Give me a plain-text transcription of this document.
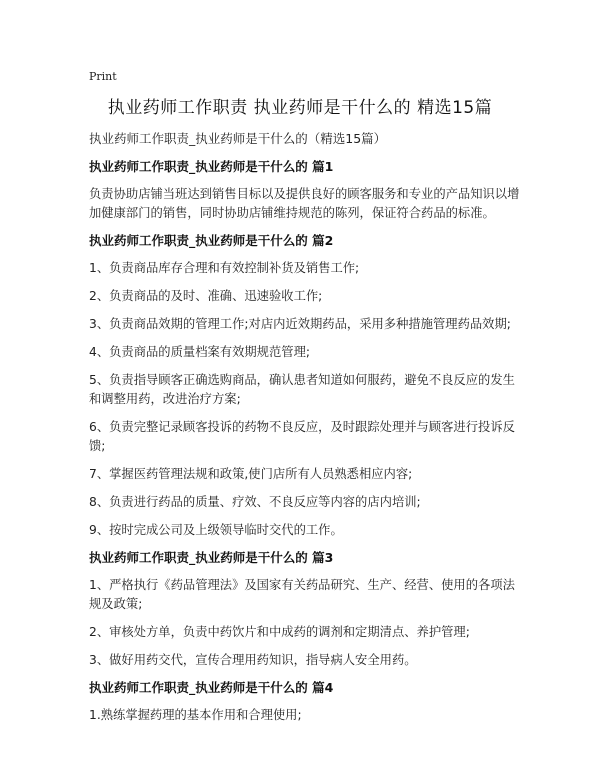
Print
执业药师工作职责 执业药师是干什么的 精选15篇

执业药师工作职责_执业药师是干什么的（精选15篇）

执业药师工作职责_执业药师是干什么的 篇1

负责协助店铺当班达到销售目标以及提供良好的顾客服务和专业的产品知识以增加健康部门的销售，同时协助店铺维持规范的陈列，保证符合药品的标准。

执业药师工作职责_执业药师是干什么的 篇2

1、负责商品库存合理和有效控制补货及销售工作;

2、负责商品的及时、准确、迅速验收工作;

3、负责商品效期的管理工作;对店内近效期药品，采用多种措施管理药品效期;

4、负责商品的质量档案有效期规范管理;

5、负责指导顾客正确选购商品，确认患者知道如何服药，避免不良反应的发生和调整用药，改进治疗方案;

6、负责完整记录顾客投诉的药物不良反应，及时跟踪处理并与顾客进行投诉反馈;

7、掌握医药管理法规和政策,使门店所有人员熟悉相应内容;

8、负责进行药品的质量、疗效、不良反应等内容的店内培训;

9、按时完成公司及上级领导临时交代的工作。

执业药师工作职责_执业药师是干什么的 篇3

1、严格执行《药品管理法》及国家有关药品研究、生产、经营、使用的各项法规及政策;

2、审核处方单，负责中药饮片和中成药的调剂和定期清点、养护管理;

3、做好用药交代，宣传合理用药知识，指导病人安全用药。

执业药师工作职责_执业药师是干什么的 篇4

1.熟练掌握药理的基本作用和合理使用;
